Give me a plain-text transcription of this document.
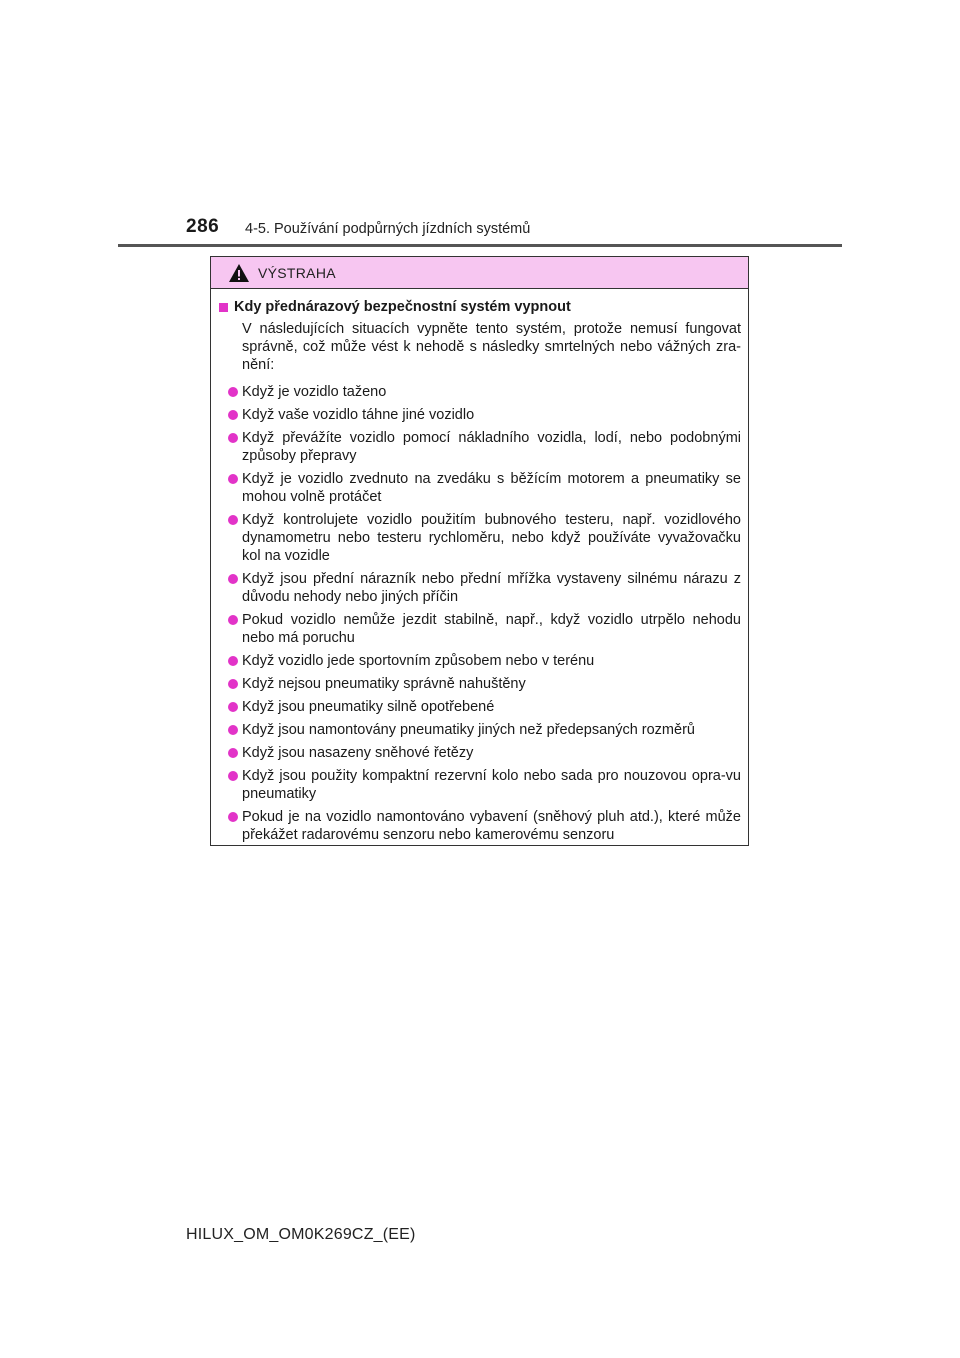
286 4-5. Používání podpůrných jízdních systémů
VÝSTRAHA
Kdy přednárazový bezpečnostní systém vypnout

V následujících situacích vypněte tento systém, protože nemusí fungovat správně, což může vést k nehodě s následky smrtelných nebo vážných zra-nění:

Když je vozidlo taženo
Když vaše vozidlo táhne jiné vozidlo
Když převážíte vozidlo pomocí nákladního vozidla, lodí, nebo podobnými způsoby přepravy
Když je vozidlo zvednuto na zvedáku s běžícím motorem a pneumatiky se mohou volně protáčet
Když kontrolujete vozidlo použitím bubnového testeru, např. vozidlového dynamometru nebo testeru rychloměru, nebo když používáte vyvažovačku kol na vozidle
Když jsou přední nárazník nebo přední mřížka vystaveny silnému nárazu z důvodu nehody nebo jiných příčin
Pokud vozidlo nemůže jezdit stabilně, např., když vozidlo utrpělo nehodu nebo má poruchu
Když vozidlo jede sportovním způsobem nebo v terénu
Když nejsou pneumatiky správně nahuštěny
Když jsou pneumatiky silně opotřebené
Když jsou namontovány pneumatiky jiných než předepsaných rozměrů
Když jsou nasazeny sněhové řetězy
Když jsou použity kompaktní rezervní kolo nebo sada pro nouzovou opra-vu pneumatiky
Pokud je na vozidlo namontováno vybavení (sněhový pluh atd.), které může překážet radarovému senzoru nebo kamerovému senzoru
HILUX_OM_OM0K269CZ_(EE)
